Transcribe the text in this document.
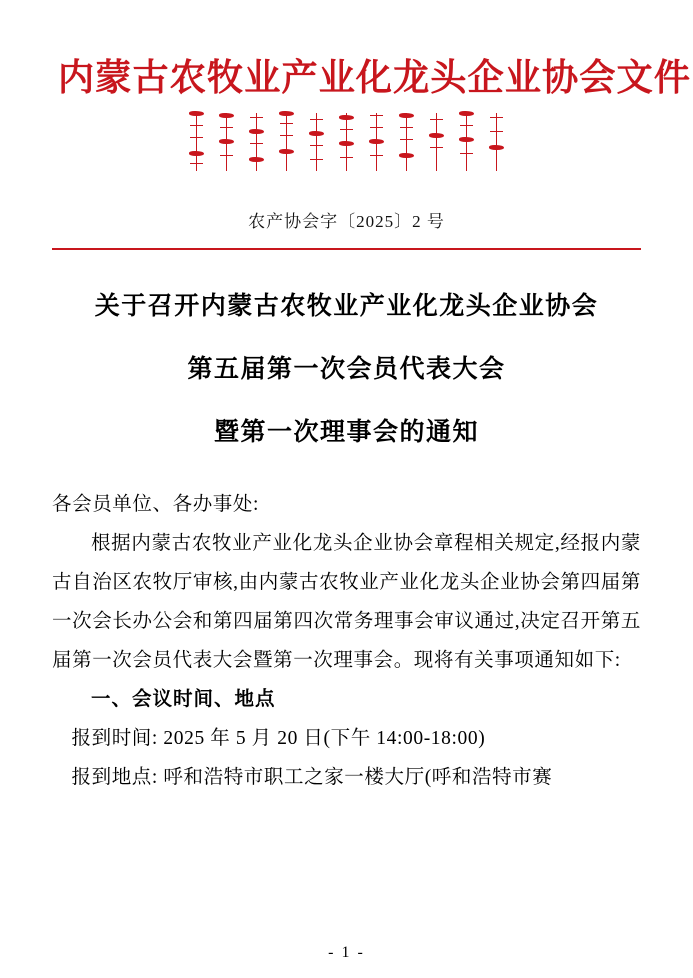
内蒙古农牧业产业化龙头企业协会文件
农产协会字〔2025〕2 号
关于召开内蒙古农牧业产业化龙头企业协会
第五届第一次会员代表大会
暨第一次理事会的通知
各会员单位、各办事处:
根据内蒙古农牧业产业化龙头企业协会章程相关规定,经报内蒙古自治区农牧厅审核,由内蒙古农牧业产业化龙头企业协会第四届第一次会长办公会和第四届第四次常务理事会审议通过,决定召开第五届第一次会员代表大会暨第一次理事会。现将有关事项通知如下:
一、会议时间、地点
报到时间: 2025 年 5 月 20 日(下午 14:00-18:00)
报到地点: 呼和浩特市职工之家一楼大厅(呼和浩特市赛
- 1 -
